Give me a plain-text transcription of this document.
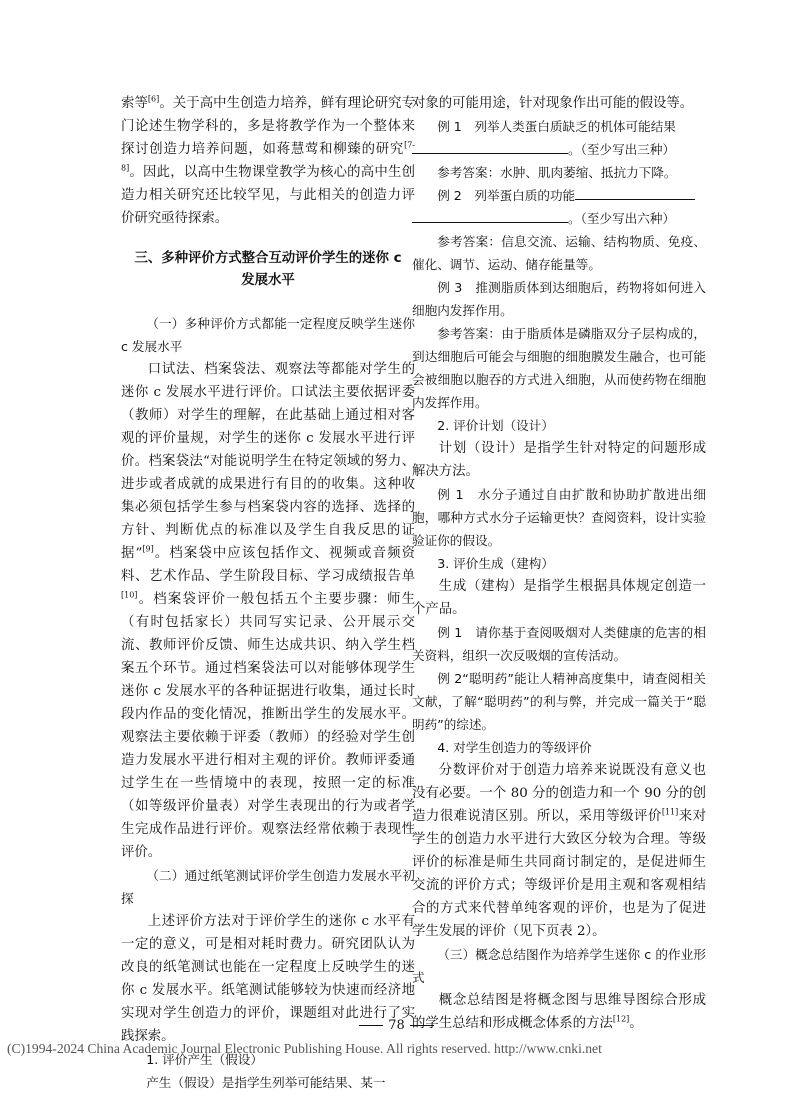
索等[6]。关于高中生创造力培养，鲜有理论研究专门论述生物学科的，多是将教学作为一个整体来探讨创造力培养问题，如蒋慧莺和柳臻的研究[7-8]。因此，以高中生物课堂教学为核心的高中生创造力相关研究还比较罕见，与此相关的创造力评价研究亟待探索。

三、多种评价方式整合互动评价学生的迷你 c
发展水平

（一）多种评价方式都能一定程度反映学生迷你 c 发展水平

口试法、档案袋法、观察法等都能对学生的迷你 c 发展水平进行评价。口试法主要依据评委（教师）对学生的理解，在此基础上通过相对客观的评价量规，对学生的迷你 c 发展水平进行评价。档案袋法“对能说明学生在特定领域的努力、进步或者成就的成果进行有目的的收集。这种收集必须包括学生参与档案袋内容的选择、选择的方针、判断优点的标准以及学生自我反思的证据”[9]。档案袋中应该包括作文、视频或音频资料、艺术作品、学生阶段目标、学习成绩报告单[10]。档案袋评价一般包括五个主要步骤：师生（有时包括家长）共同写实记录、公开展示交流、教师评价反馈、师生达成共识、纳入学生档案五个环节。通过档案袋法可以对能够体现学生迷你 c 发展水平的各种证据进行收集，通过长时段内作品的变化情况，推断出学生的发展水平。观察法主要依赖于评委（教师）的经验对学生创造力发展水平进行相对主观的评价。教师评委通过学生在一些情境中的表现，按照一定的标准（如等级评价量表）对学生表现出的行为或者学生完成作品进行评价。观察法经常依赖于表现性评价。

（二）通过纸笔测试评价学生创造力发展水平初探

上述评价方法对于评价学生的迷你 c 水平有一定的意义，可是相对耗时费力。研究团队认为改良的纸笔测试也能在一定程度上反映学生的迷你 c 发展水平。纸笔测试能够较为快速而经济地实现对学生创造力的评价，课题组对此进行了实践探索。

1. 评价产生（假设）

产生（假设）是指学生列举可能结果、某一

对象的可能用途，针对现象作出可能的假设等。

例 1　列举人类蛋白质缺乏的机体可能结果
。（至少写出三种）

参考答案：水肿、肌肉萎缩、抵抗力下降。

例 2　列举蛋白质的功能
。（至少写出六种）

参考答案：信息交流、运输、结构物质、免疫、催化、调节、运动、储存能量等。

例 3　推测脂质体到达细胞后，药物将如何进入细胞内发挥作用。

参考答案：由于脂质体是磷脂双分子层构成的，到达细胞后可能会与细胞的细胞膜发生融合，也可能会被细胞以胞吞的方式进入细胞，从而使药物在细胞内发挥作用。

2. 评价计划（设计）

计划（设计）是指学生针对特定的问题形成解决方法。

例 1　水分子通过自由扩散和协助扩散进出细胞，哪种方式水分子运输更快？查阅资料，设计实验验证你的假设。

3. 评价生成（建构）

生成（建构）是指学生根据具体规定创造一个产品。

例 1　请你基于查阅吸烟对人类健康的危害的相关资料，组织一次反吸烟的宣传活动。

例 2“聪明药”能让人精神高度集中，请查阅相关文献，了解“聪明药”的利与弊，并完成一篇关于“聪明药”的综述。

4. 对学生创造力的等级评价

分数评价对于创造力培养来说既没有意义也没有必要。一个 80 分的创造力和一个 90 分的创造力很难说清区别。所以，采用等级评价[11]来对学生的创造力水平进行大致区分较为合理。等级评价的标准是师生共同商讨制定的，是促进师生交流的评价方式；等级评价是用主观和客观相结合的方式来代替单纯客观的评价，也是为了促进学生发展的评价（见下页表 2）。

（三）概念总结图作为培养学生迷你 c 的作业形式

概念总结图是将概念图与思维导图综合形成的学生总结和形成概念体系的方法[12]。

78
(C)1994-2024 China Academic Journal Electronic Publishing House. All rights reserved. http://www.cnki.net
